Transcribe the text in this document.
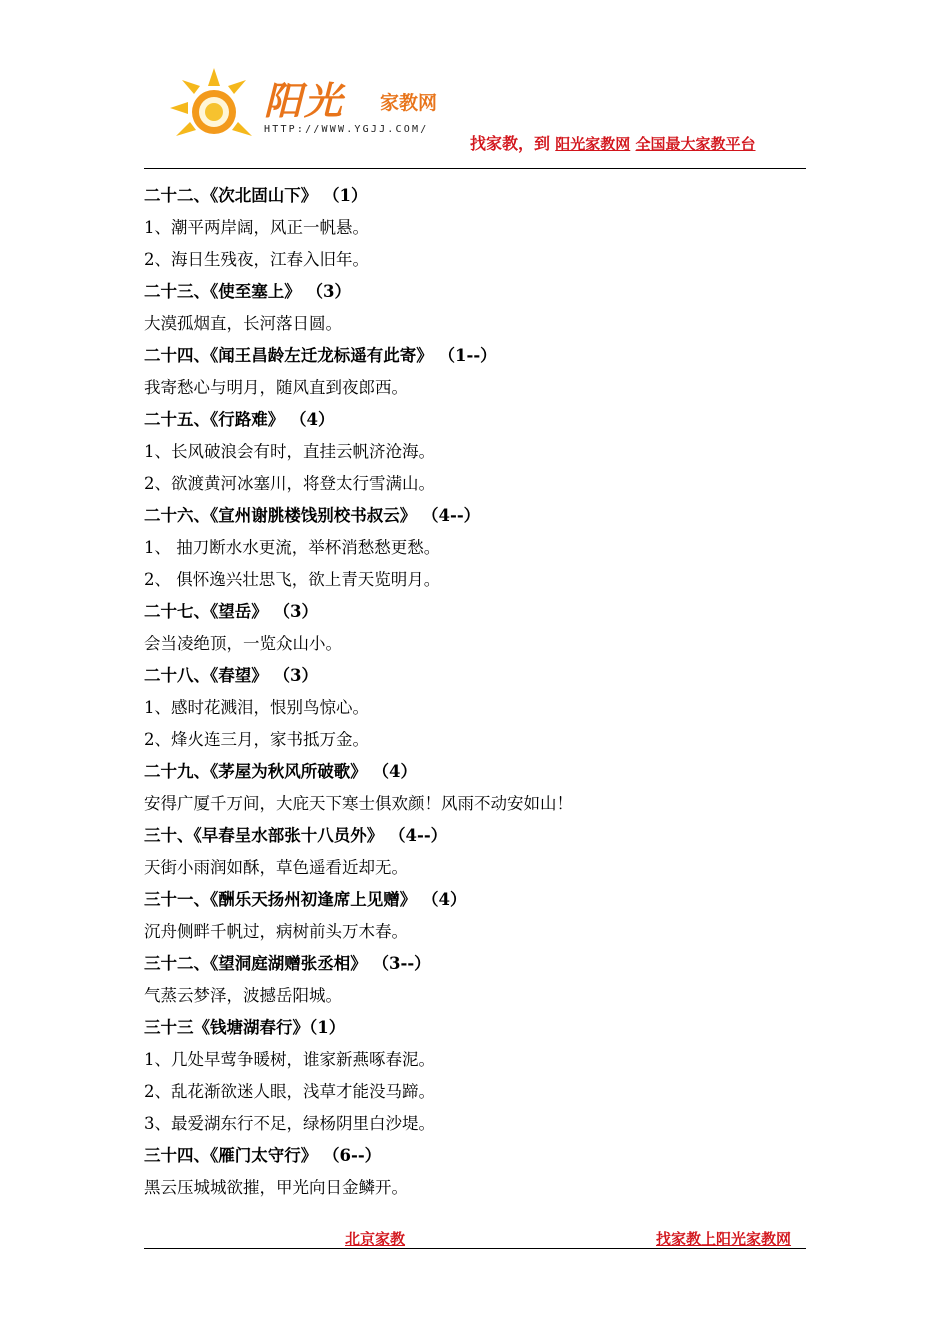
阳光 家教网
HTTP://WWW.YGJJ.COM/
找家教，到 阳光家教网 全国最大家教平台
二十二、《次北固山下》 （1）
1、潮平两岸阔，风正一帆悬。
2、海日生残夜，江春入旧年。
二十三、《使至塞上》 （3）
大漠孤烟直，长河落日圆。
二十四、《闻王昌龄左迁龙标遥有此寄》 （1--）
我寄愁心与明月，随风直到夜郎西。
二十五、《行路难》 （4）
1、长风破浪会有时，直挂云帆济沧海。
2、欲渡黄河冰塞川，将登太行雪满山。
二十六、《宣州谢朓楼饯别校书叔云》 （4--）
1、 抽刀断水水更流，举杯消愁愁更愁。
2、 俱怀逸兴壮思飞，欲上青天览明月。
二十七、《望岳》 （3）
会当凌绝顶，一览众山小。
二十八、《春望》 （3）
1、感时花溅泪，恨别鸟惊心。
2、烽火连三月，家书抵万金。
二十九、《茅屋为秋风所破歌》 （4）
安得广厦千万间，大庇天下寒士俱欢颜！风雨不动安如山！
三十、《早春呈水部张十八员外》 （4--）
天街小雨润如酥，草色遥看近却无。
三十一、《酬乐天扬州初逢席上见赠》 （4）
沉舟侧畔千帆过，病树前头万木春。
三十二、《望洞庭湖赠张丞相》 （3--）
气蒸云梦泽，波撼岳阳城。
三十三《钱塘湖春行》（1）
1、几处早莺争暖树，谁家新燕啄春泥。
2、乱花渐欲迷人眼，浅草才能没马蹄。
3、最爱湖东行不足，绿杨阴里白沙堤。
三十四、《雁门太守行》 （6--）
黑云压城城欲摧，甲光向日金鳞开。
北京家教	找家教上阳光家教网
